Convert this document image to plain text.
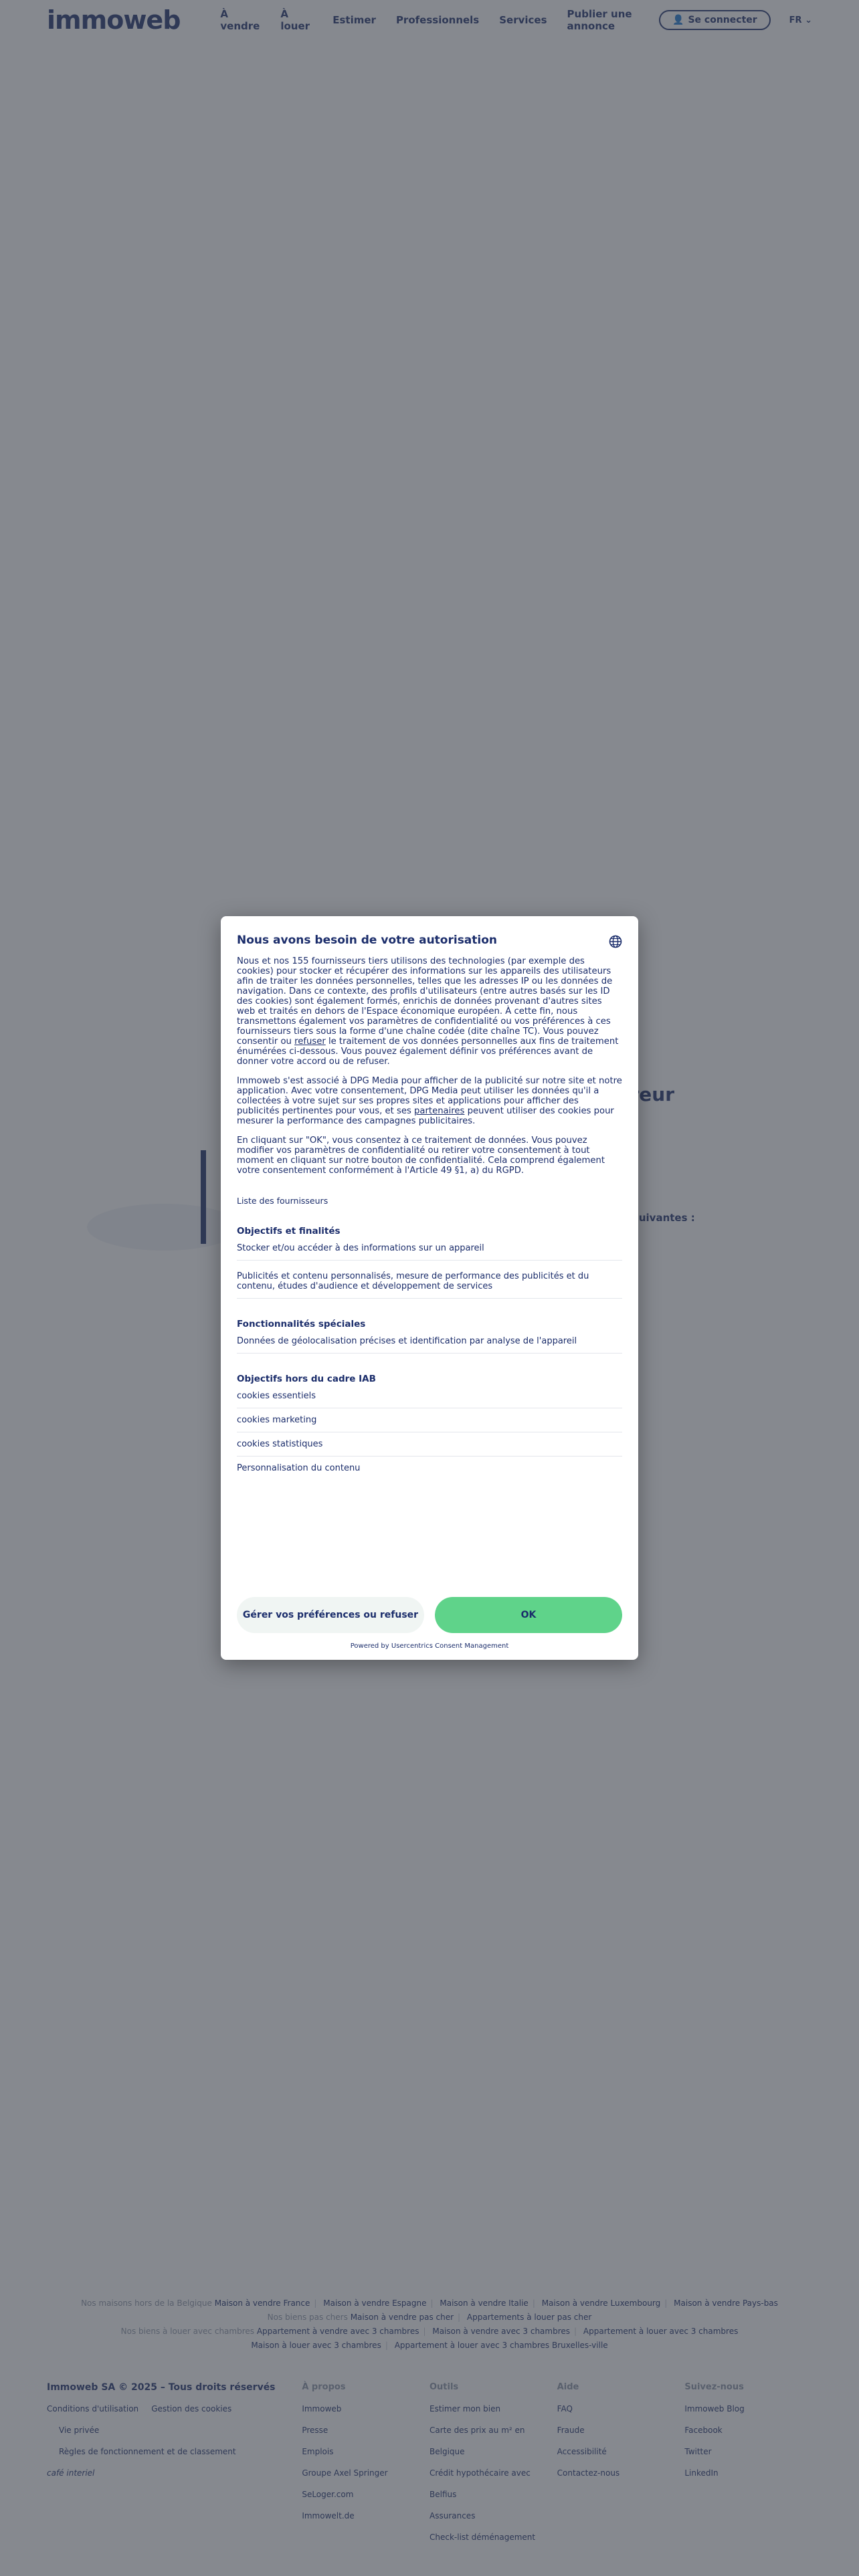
Nous avons besoin de votre autorisation
Nous et nos 155 fournisseurs tiers utilisons des technologies (par exemple des cookies) pour stocker et récupérer des informations sur les appareils des utilisateurs afin de traiter les données personnelles, telles que les adresses IP ou les données de navigation. Dans ce contexte, des profils d'utilisateurs (entre autres basés sur les ID des cookies) sont également formés, enrichis de données provenant d'autres sites web et traités en dehors de l'Espace économique européen. À cette fin, nous transmettons également vos paramètres de confidentialité ou vos préférences à ces fournisseurs tiers sous la forme d'une chaîne codée (dite chaîne TC). Vous pouvez consentir ou refuser le traitement de vos données personnelles aux fins de traitement énumérées ci-dessous. Vous pouvez également définir vos préférences avant de donner votre accord ou de refuser.
Immoweb s'est associé à DPG Media pour afficher de la publicité sur notre site et notre application. Avec votre consentement, DPG Media peut utiliser les données qu'il a collectées à votre sujet sur ses propres sites et applications pour afficher des publicités pertinentes pour vous, et ses partenaires peuvent utiliser des cookies pour mesurer la performance des campagnes publicitaires.
En cliquant sur "OK", vous consentez à ce traitement de données. Vous pouvez modifier vos paramètres de confidentialité ou retirer votre consentement à tout moment en cliquant sur notre bouton de confidentialité. Cela comprend également votre consentement conformément à l'Article 49 §1, a) du RGPD.
Liste des fournisseurs
Objectifs et finalités
Stocker et/ou accéder à des informations sur un appareil
Publicités et contenu personnalisés, mesure de performance des publicités et du contenu, études d'audience et développement de services
Fonctionnalités spéciales
Données de géolocalisation précises et identification par analyse de l'appareil
Objectifs hors du cadre IAB
cookies essentiels
cookies marketing
cookies statistiques
Personnalisation du contenu
Gérer vos préférences ou refuser	OK
Powered by Usercentrics Consent Management
